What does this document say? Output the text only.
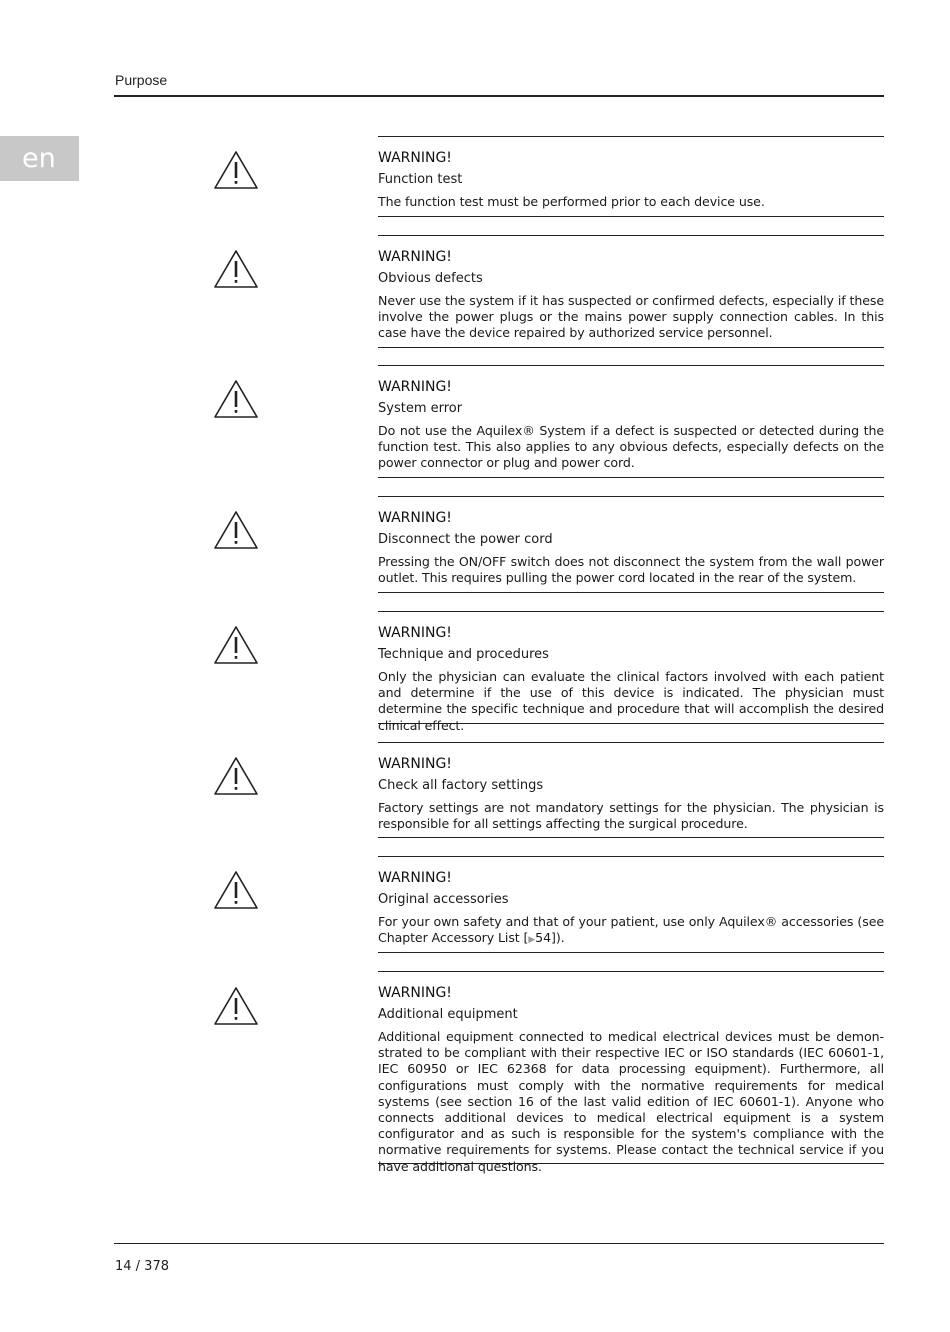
Purpose
en	WARNING!
Function test
The function test must be performed prior to each device use.
WARNING!
Obvious defects
Never use the system if it has suspected or confirmed defects, especially if these involve the power plugs or the mains power supply connection cables. In this case have the device repaired by authorized service personnel.
WARNING!
System error
Do not use the Aquilex® System if a defect is suspected or detected during the function test. This also applies to any obvious defects, especially defects on the power connector or plug and power cord.
WARNING!
Disconnect the power cord
Pressing the ON/OFF switch does not disconnect the system from the wall power outlet. This requires pulling the power cord located in the rear of the system.
WARNING!
Technique and procedures
Only the physician can evaluate the clinical factors involved with each patient and determine if the use of this device is indicated. The physician must determine the specific technique and procedure that will accomplish the desired clinical effect.
WARNING!
Check all factory settings
Factory settings are not mandatory settings for the physician. The physician is responsible for all settings affecting the surgical procedure.
WARNING!
Original accessories
For your own safety and that of your patient, use only Aquilex® accessories (see Chapter Accessory List [▶54]).
WARNING!
Additional equipment
Additional equipment connected to medical electrical devices must be demonstrated to be compliant with their respective IEC or ISO standards (IEC 60601-1, IEC 60950 or IEC 62368 for data processing equipment). Furthermore, all configurations must comply with the normative requirements for medical systems (see section 16 of the last valid edition of IEC 60601-1). Anyone who connects additional devices to medical electrical equipment is a system configurator and as such is responsible for the system's compliance with the normative requirements for systems. Please contact the technical service if you have additional questions.
14 / 378
